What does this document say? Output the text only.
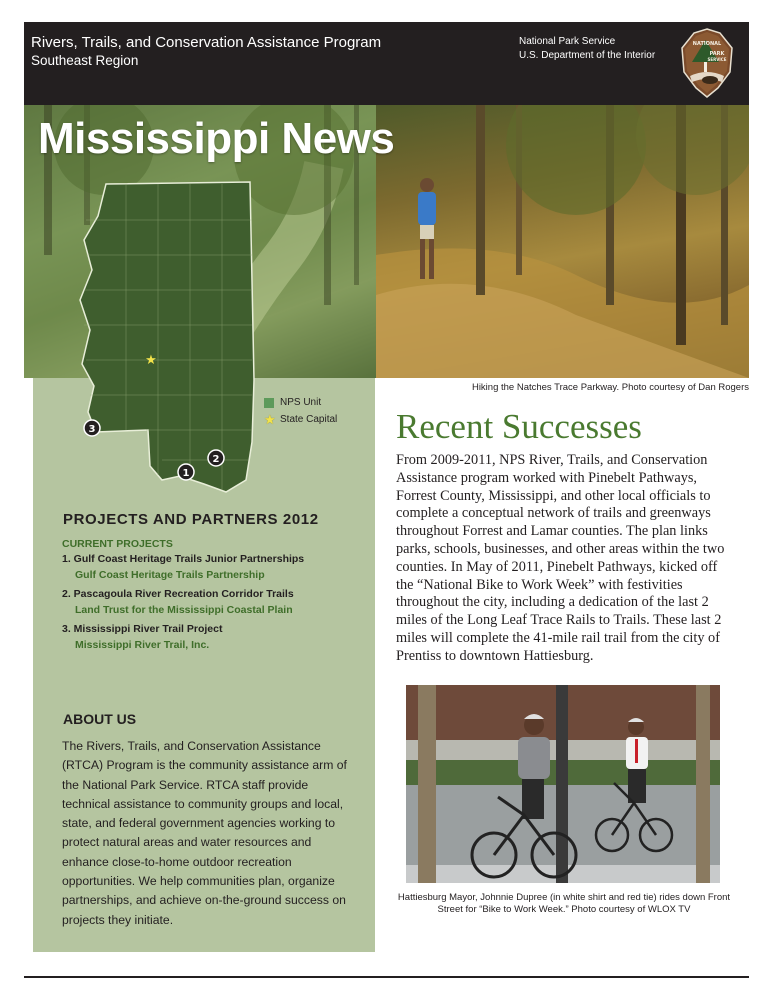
Rivers, Trails, and Conservation Assistance Program
Southeast Region
National Park Service
U.S. Department of the Interior
NATIONAL
PARK
SERVICE
Mississippi News
Hiking the Natches Trace Parkway. Photo courtesy of Dan Rogers
★
3
1
2
NPS Unit
★ State Capital
PROJECTS AND PARTNERS 2012
CURRENT PROJECTS
1. Gulf Coast Heritage Trails Junior Partnerships
Gulf Coast Heritage Trails Partnership
2. Pascagoula River Recreation Corridor Trails
Land Trust for the Mississippi Coastal Plain
3. Mississippi River Trail Project
Mississippi River Trail, Inc.
ABOUT US
The Rivers, Trails, and Conservation Assistance (RTCA) Program is the community assistance arm of the National Park Service. RTCA staff provide technical assistance to community groups and local, state, and federal government agencies working to protect natural areas and water resources and enhance close-to-home outdoor recreation opportunities. We help communities plan, organize partnerships, and achieve on-the-ground success on projects they initiate.
Recent Successes
From 2009-2011, NPS River, Trails, and Conservation Assistance program worked with Pinebelt Pathways, Forrest County, Mississippi, and other local officials to complete a conceptual network of trails and greenways throughout Forrest and Lamar counties. The plan links parks, schools, businesses, and other areas within the two counties. In May of 2011, Pinebelt Pathways, kicked off the “National Bike to Work Week” with festivities throughout the city, including a dedication of the last 2 miles of the Long Leaf Trace Rails to Trails. These last 2 miles will complete the 41-mile rail trail from the city of Prentiss to downtown Hattiesburg.
Hattiesburg Mayor, Johnnie Dupree (in white shirt and red tie) rides down Front Street for “Bike to Work Week.” Photo courtesy of WLOX TV
